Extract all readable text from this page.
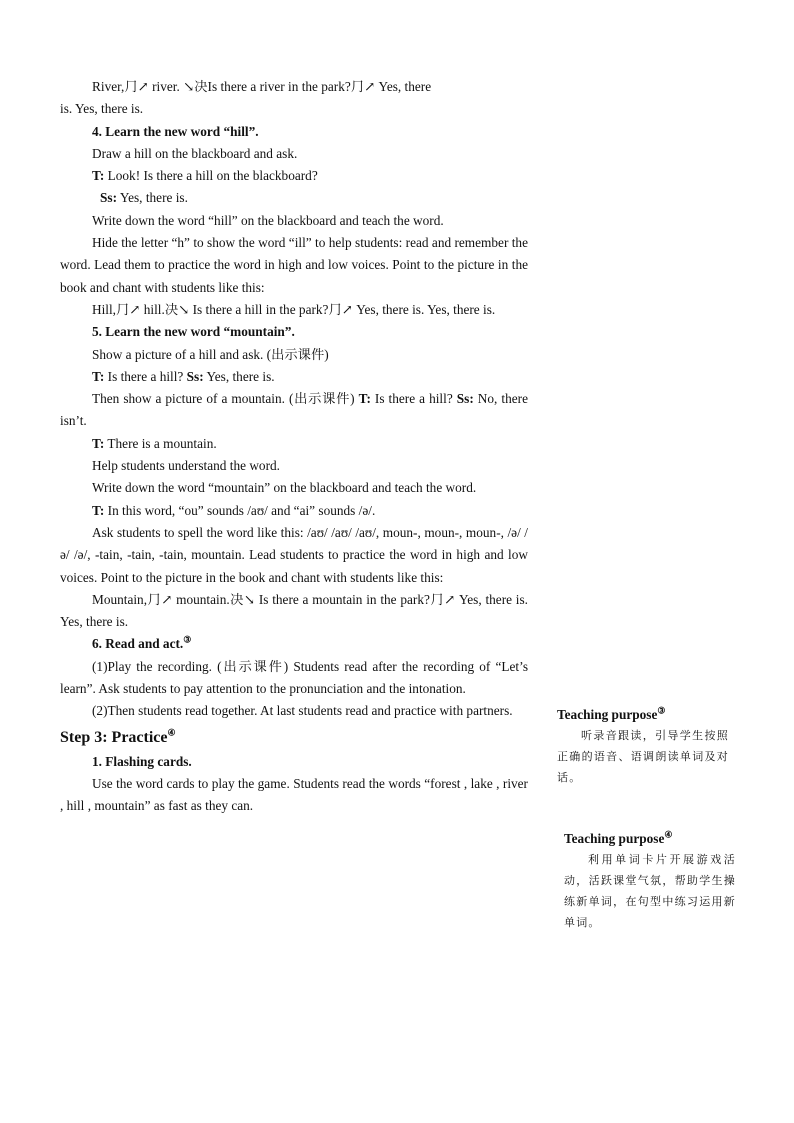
River,⺆↗ river. ↘决Is there a river in the park?⺆↗ Yes, there

is. Yes, there is.

4. Learn the new word “hill”.

Draw a hill on the blackboard and ask.

T: Look! Is there a hill on the blackboard?

Ss: Yes, there is.

Write down the word “hill” on the blackboard and teach the word.

Hide the letter “h” to show the word “ill” to help students: read and remember the word. Lead them to practice the word in high and low voices. Point to the picture in the book and chant with students like this:

Hill,⺆↗ hill.决↘ Is there a hill in the park?⺆↗ Yes, there is. Yes, there is.

5. Learn the new word “mountain”.

Show a picture of a hill and ask. (出示课件)

T: Is there a hill? Ss: Yes, there is.

Then show a picture of a mountain. (出示课件) T: Is there a hill? Ss: No, there isn’t.

T: There is a mountain.

Help students understand the word.

Write down the word “mountain” on the blackboard and teach the word.

T: In this word, “ou” sounds /aʊ/ and “ai” sounds /ə/.

Ask students to spell the word like this: /aʊ/ /aʊ/ /aʊ/, moun-, moun-, moun-, /ə/ /ə/ /ə/, -tain, -tain, -tain, mountain. Lead students to practice the word in high and low voices. Point to the picture in the book and chant with students like this:

Mountain,⺆↗ mountain.决↘ Is there a mountain in the park?⺆↗ Yes, there is. Yes, there is.

6. Read and act.③

(1)Play the recording. (出示课件) Students read after the recording of “Let’s learn”. Ask students to pay attention to the pronunciation and the intonation.

(2)Then students read together. At last students read and practice with partners.

Step 3: Practice④

1. Flashing cards.

Use the word cards to play the game. Students read the words “forest , lake , river , hill , mountain” as fast as they can.

Teaching purpose③

听录音跟读，引导学生按照正确的语音、语调朗读单词及对话。

Teaching purpose④

利用单词卡片开展游戏活动，活跃课堂气氛，帮助学生操练新单词，在句型中练习运用新单词。
